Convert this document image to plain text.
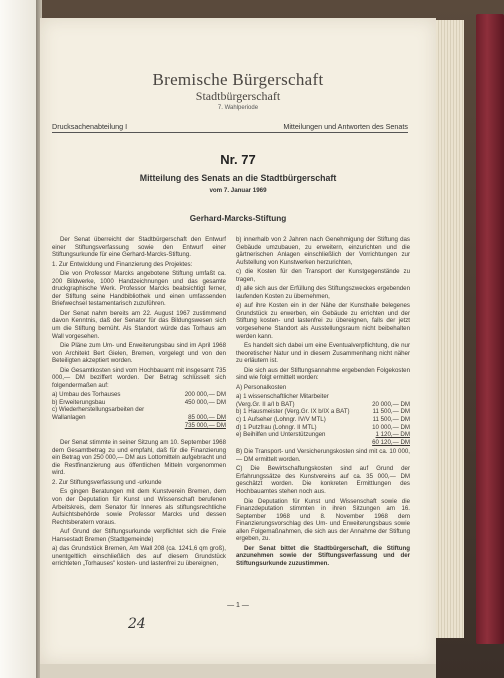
Bremische Bürgerschaft
Stadtbürgerschaft
7. Wahlperiode
Drucksachenabteilung I	Mitteilungen und Antworten des Senats
Nr. 77
Mitteilung des Senats an die Stadtbürgerschaft
vom 7. Januar 1969
Gerhard-Marcks-Stiftung

Der Senat überreicht der Stadtbürgerschaft den Entwurf einer Stiftungsverfassung sowie den Entwurf einer Stiftungsurkunde für eine Gerhard-Marcks-Stiftung.

1. Zur Entwicklung und Finanzierung des Projektes:

Die von Professor Marcks angebotene Stiftung umfaßt ca. 200 Bildwerke, 1000 Handzeichnungen und das gesamte druckgraphische Werk. Professor Marcks beabsichtigt ferner, der Stiftung seine Handbibliothek und einen umfassenden Briefwechsel testamentarisch zuzuführen.

Der Senat nahm bereits am 22. August 1967 zustimmend davon Kenntnis, daß der Senator für das Bildungswesen sich um die Stiftung bemüht. Als Standort würde das Torhaus am Wall vorgesehen.

Die Pläne zum Um- und Erweiterungsbau sind im April 1968 von Architekt Bert Gielen, Bremen, vorgelegt und von den Beteiligten akzeptiert worden.

Die Gesamtkosten sind vom Hochbauamt mit insgesamt 735 000,— DM beziffert worden. Der Betrag schlüsselt sich folgendermaßen auf:

a) Umbau des Torhauses	200 000,— DM
b) Erweiterungsbau	450 000,— DM
c) Wiederherstellungsarbeiten der Wallanlagen	85 000,— DM
735 000,— DM

Der Senat stimmte in seiner Sitzung am 10. September 1968 dem Gesamtbetrag zu und empfahl, daß für die Finanzierung ein Betrag von 250 000,— DM aus Lottomitteln aufgebracht und die Restfinanzierung aus öffentlichen Mitteln vorgenommen wird.

2. Zur Stiftungsverfassung und -urkunde

Es gingen Beratungen mit dem Kunstverein Bremen, dem von der Deputation für Kunst und Wissenschaft berufenen Arbeitskreis, dem Senator für Inneres als stiftungsrechtliche Aufsichtsbehörde sowie Professor Marcks und dessen Rechtsberatern voraus.

Auf Grund der Stiftungsurkunde verpflichtet sich die Freie Hansestadt Bremen (Stadtgemeinde)

a) das Grundstück Bremen, Am Wall 208 (ca. 1241,6 qm groß), unentgeltlich einschließlich des auf diesem Grundstück errichteten „Torhauses" kosten- und lastenfrei zu übereignen,

b) innerhalb von 2 Jahren nach Genehmigung der Stiftung das Gebäude umzubauen, zu erweitern, einzurichten und die gärtnerischen Anlagen einschließlich der Vorrichtungen zur Aufstellung von Kunstwerken herzurichten,

c) die Kosten für den Transport der Kunstgegenstände zu tragen,

d) alle sich aus der Erfüllung des Stiftungszweckes ergebenden laufenden Kosten zu übernehmen,

e) auf ihre Kosten ein in der Nähe der Kunsthalle belegenes Grundstück zu erwerben, ein Gebäude zu errichten und der Stiftung kosten- und lastenfrei zu übereignen, falls der jetzt vorgesehene Standort als Ausstellungsraum nicht beibehalten werden kann.

Es handelt sich dabei um eine Eventualverpflichtung, die nur theoretischer Natur und in diesem Zusammenhang nicht näher zu erläutern ist.

Die sich aus der Stiftungsannahme ergebenden Folgekosten sind wie folgt ermittelt worden:

A) Personalkosten

a) 1 wissenschaftlicher Mitarbeiter (Verg.Gr. II a/I b BAT)	20 000,— DM
b) 1 Hausmeister (Verg.Gr. IX b/IX a BAT)	11 500,— DM
c) 1 Aufseher (Lohngr. IV/V MTL)	11 500,— DM
d) 1 Putzfrau (Lohngr. II MTL)	10 000,— DM
e) Beihilfen und Unterstützungen	1 120,— DM
60 120,— DM

B) Die Transport- und Versicherungskosten sind mit ca. 10 000,— DM ermittelt worden.

C) Die Bewirtschaftungskosten sind auf Grund der Erfahrungssätze des Kunstvereins auf ca. 35 000,— DM geschätzt worden. Die konkreten Ermittlungen des Hochbauamtes stehen noch aus.

Die Deputation für Kunst und Wissenschaft sowie die Finanzdeputation stimmten in ihren Sitzungen am 16. September 1968 und 8. November 1968 dem Finanzierungsvorschlag des Um- und Erweiterungsbaus sowie allen Folgemaßnahmen, die sich aus der Annahme der Stiftung ergeben, zu.

Der Senat bittet die Stadtbürgerschaft, die Stiftung anzunehmen sowie der Stiftungsverfassung und der Stiftungsurkunde zuzustimmen.

— 1 —
24
